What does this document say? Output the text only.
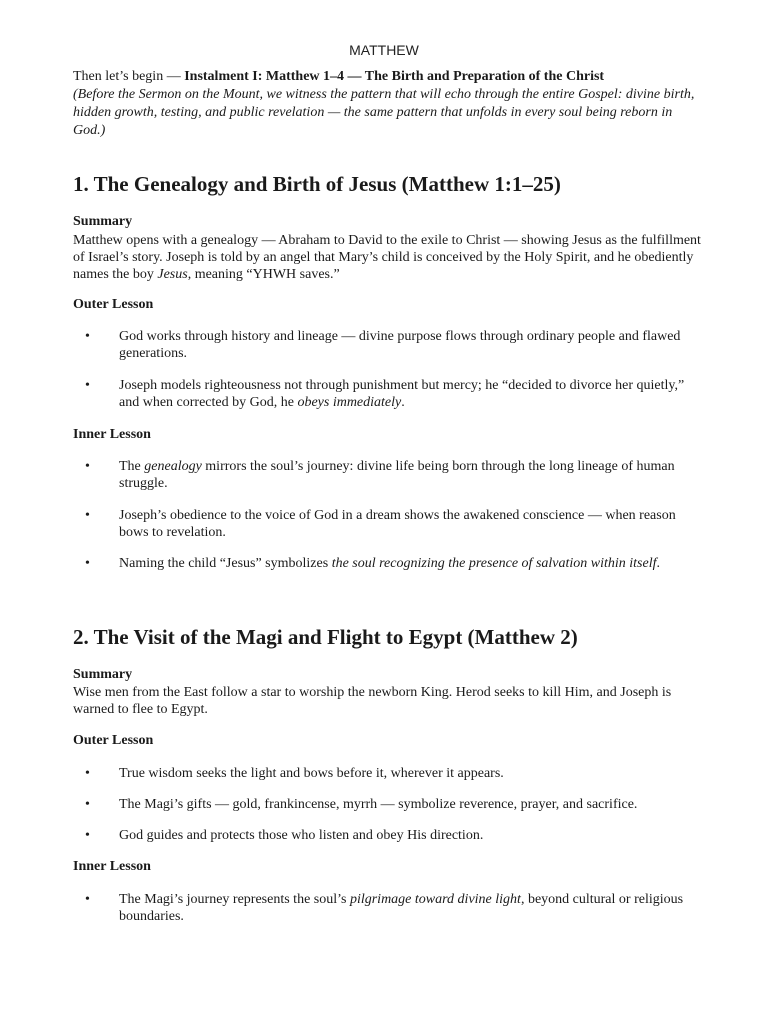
MATTHEW
Then let’s begin — Instalment I: Matthew 1–4 — The Birth and Preparation of the Christ
(Before the Sermon on the Mount, we witness the pattern that will echo through the entire Gospel: divine birth, hidden growth, testing, and public revelation — the same pattern that unfolds in every soul being reborn in God.)
1. The Genealogy and Birth of Jesus (Matthew 1:1–25)
Summary
Matthew opens with a genealogy — Abraham to David to the exile to Christ — showing Jesus as the fulfillment of Israel’s story. Joseph is told by an angel that Mary’s child is conceived by the Holy Spirit, and he obediently names the boy Jesus, meaning “YHWH saves.”
Outer Lesson
•	God works through history and lineage — divine purpose flows through ordinary people and flawed generations.
•	Joseph models righteousness not through punishment but mercy; he “decided to divorce her quietly,” and when corrected by God, he obeys immediately.
Inner Lesson
•	The genealogy mirrors the soul’s journey: divine life being born through the long lineage of human struggle.
•	Joseph’s obedience to the voice of God in a dream shows the awakened conscience — when reason bows to revelation.
•	Naming the child “Jesus” symbolizes the soul recognizing the presence of salvation within itself.
2. The Visit of the Magi and Flight to Egypt (Matthew 2)
Summary
Wise men from the East follow a star to worship the newborn King. Herod seeks to kill Him, and Joseph is warned to flee to Egypt.
Outer Lesson
•	True wisdom seeks the light and bows before it, wherever it appears.
•	The Magi’s gifts — gold, frankincense, myrrh — symbolize reverence, prayer, and sacrifice.
•	God guides and protects those who listen and obey His direction.
Inner Lesson
•	The Magi’s journey represents the soul’s pilgrimage toward divine light, beyond cultural or religious boundaries.
